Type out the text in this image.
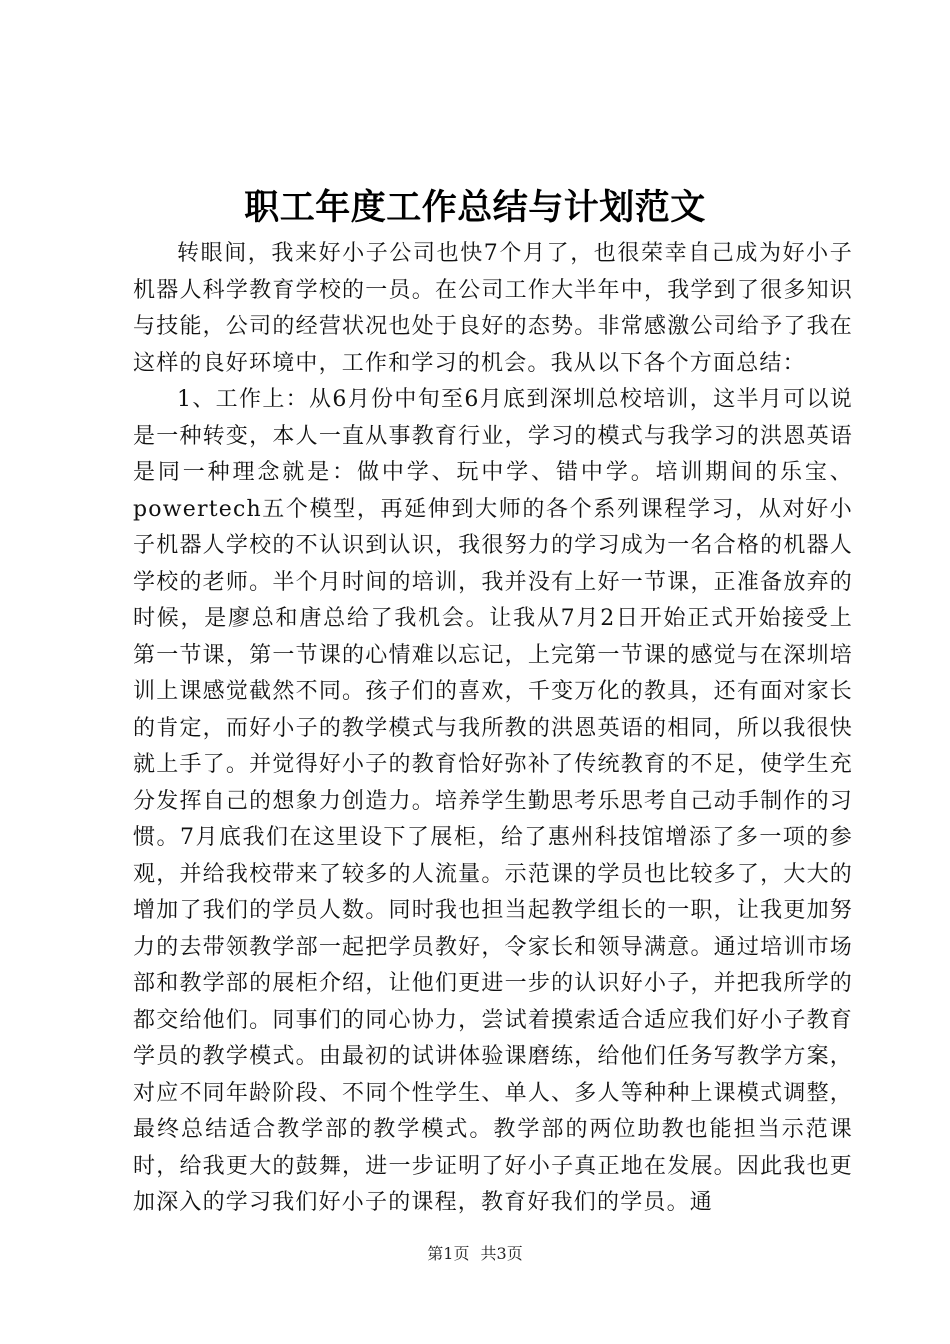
职工年度工作总结与计划范文

转眼间，我来好小子公司也快7个月了，也很荣幸自己成为好小子机器人科学教育学校的一员。在公司工作大半年中，我学到了很多知识与技能，公司的经营状况也处于良好的态势。非常感激公司给予了我在这样的良好环境中，工作和学习的机会。我从以下各个方面总结：

1、工作上：从6月份中旬至6月底到深圳总校培训，这半月可以说是一种转变，本人一直从事教育行业，学习的模式与我学习的洪恩英语是同一种理念就是：做中学、玩中学、错中学。培训期间的乐宝、powertech五个模型，再延伸到大师的各个系列课程学习，从对好小子机器人学校的不认识到认识，我很努力的学习成为一名合格的机器人学校的老师。半个月时间的培训，我并没有上好一节课，正准备放弃的时候，是廖总和唐总给了我机会。让我从7月2日开始正式开始接受上第一节课，第一节课的心情难以忘记，上完第一节课的感觉与在深圳培训上课感觉截然不同。孩子们的喜欢，千变万化的教具，还有面对家长的肯定，而好小子的教学模式与我所教的洪恩英语的相同，所以我很快就上手了。并觉得好小子的教育恰好弥补了传统教育的不足，使学生充分发挥自己的想象力创造力。培养学生勤思考乐思考自己动手制作的习惯。7月底我们在这里设下了展柜，给了惠州科技馆增添了多一项的参观，并给我校带来了较多的人流量。示范课的学员也比较多了，大大的增加了我们的学员人数。同时我也担当起教学组长的一职，让我更加努力的去带领教学部一起把学员教好，令家长和领导满意。通过培训市场部和教学部的展柜介绍，让他们更进一步的认识好小子，并把我所学的都交给他们。同事们的同心协力，尝试着摸索适合适应我们好小子教育学员的教学模式。由最初的试讲体验课磨练，给他们任务写教学方案，对应不同年龄阶段、不同个性学生、单人、多人等种种上课模式调整，最终总结适合教学部的教学模式。教学部的两位助教也能担当示范课时，给我更大的鼓舞，进一步证明了好小子真正地在发展。因此我也更加深入的学习我们好小子的课程，教育好我们的学员。通

第1页 共3页
